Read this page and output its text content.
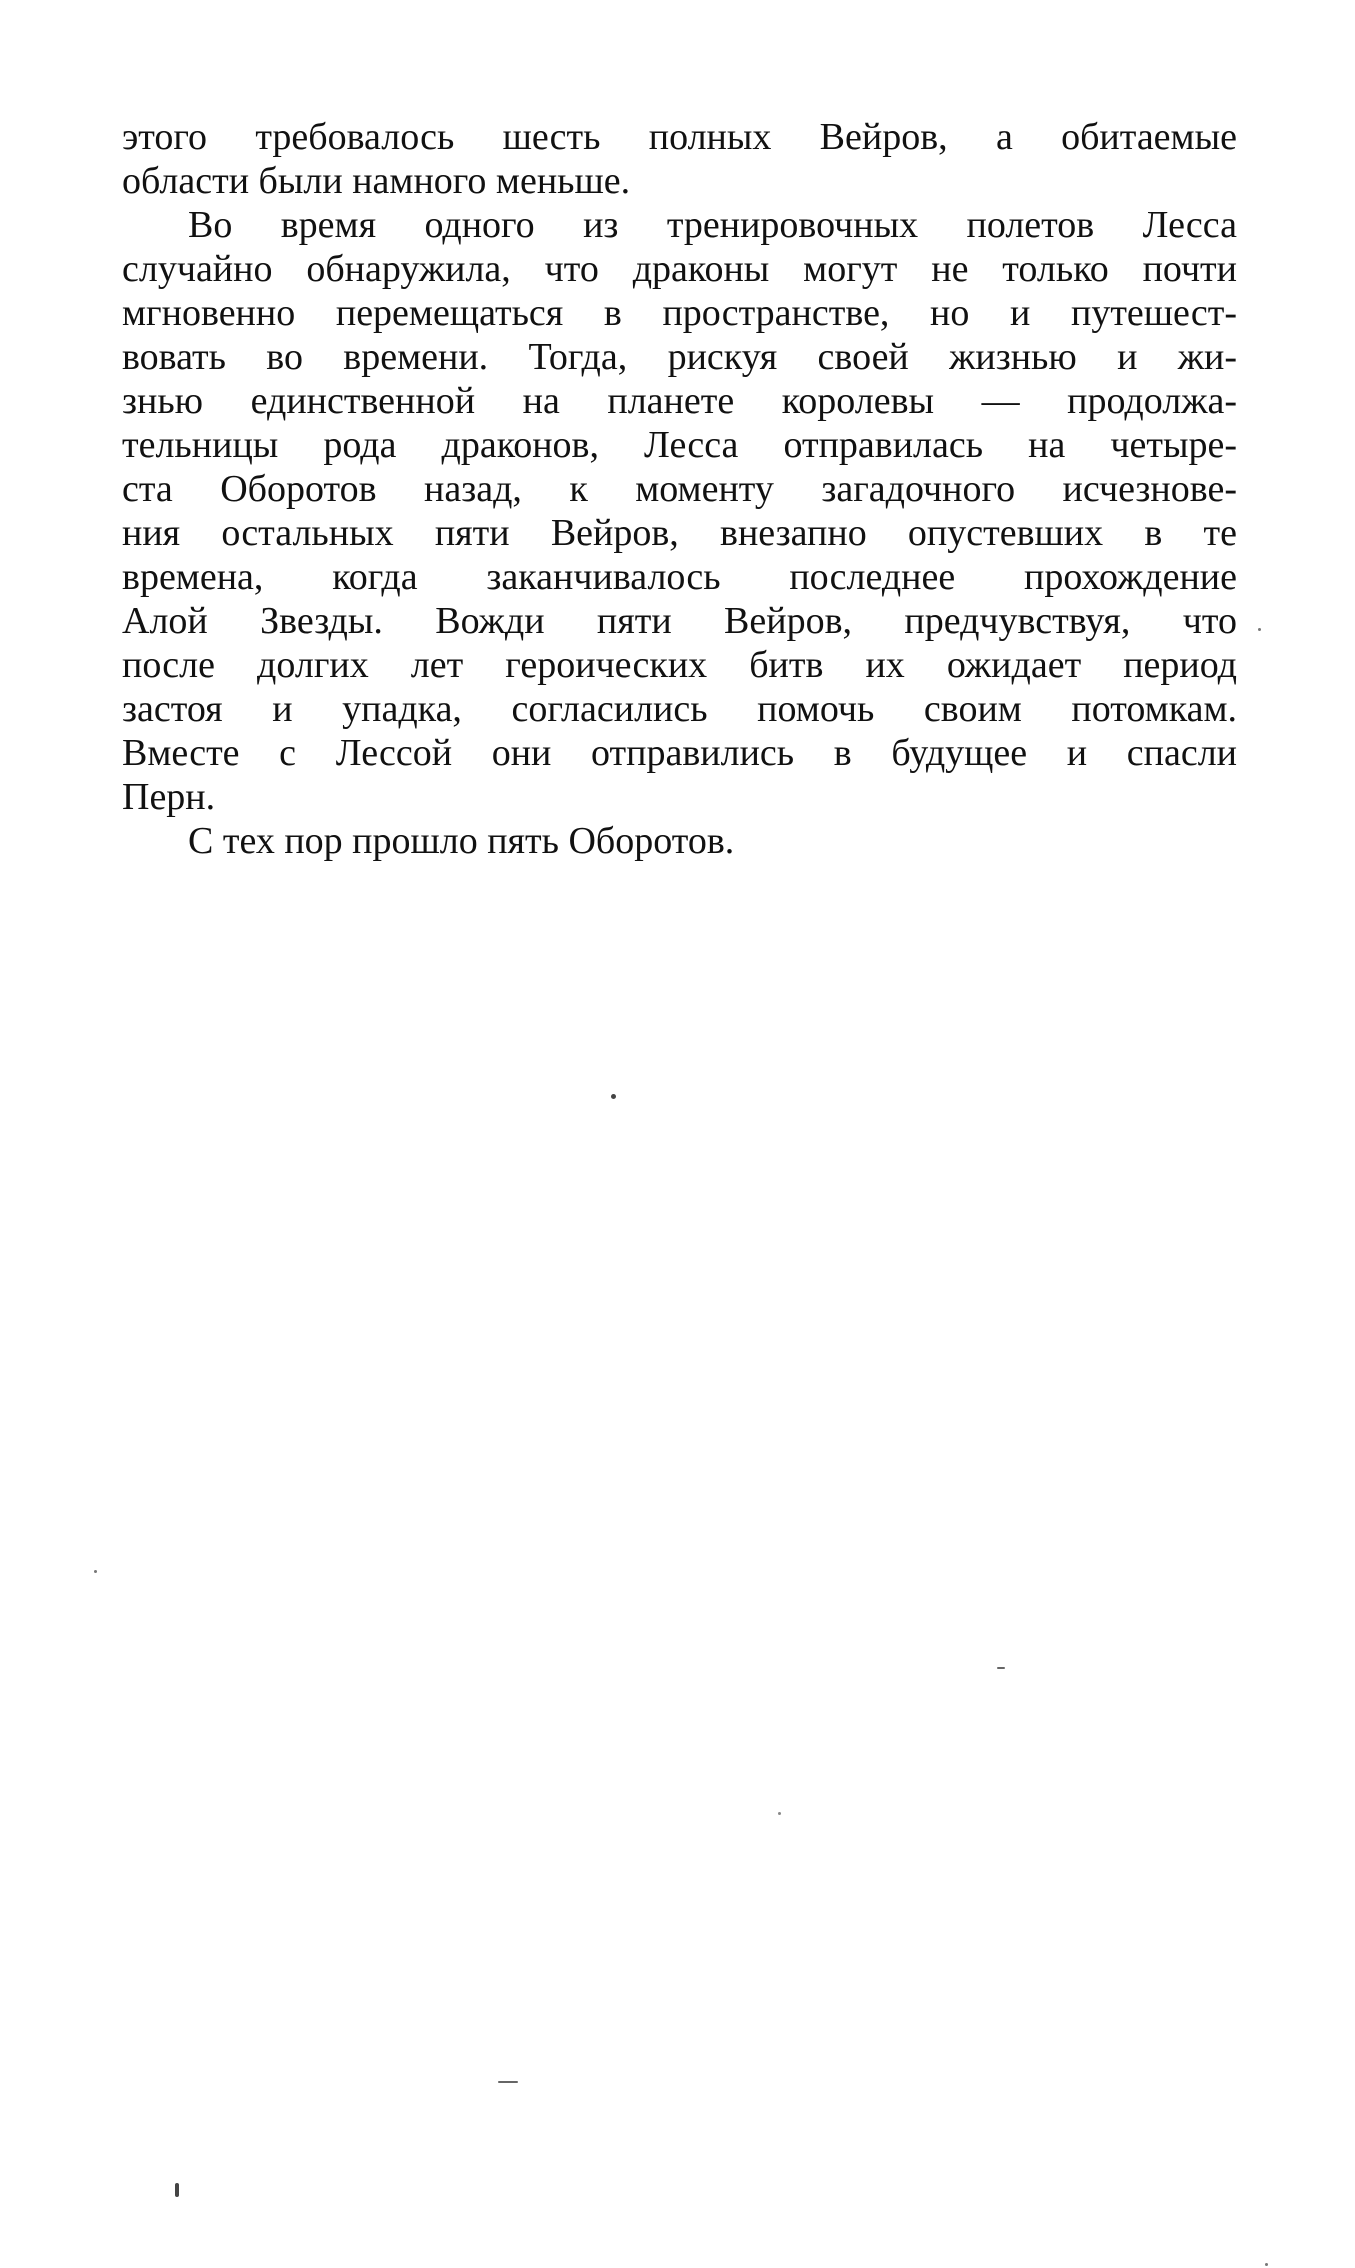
этого требовалось шесть полных Вейров, а обитаемые
области были намного меньше.
Во время одного из тренировочных полетов Лесса
случайно обнаружила, что драконы могут не только почти
мгновенно перемещаться в пространстве, но и путешест-
вовать во времени. Тогда, рискуя своей жизнью и жи-
знью единственной на планете королевы — продолжа-
тельницы рода драконов, Лесса отправилась на четыре-
ста Оборотов назад, к моменту загадочного исчезнове-
ния остальных пяти Вейров, внезапно опустевших в те
времена, когда заканчивалось последнее прохождение
Алой Звезды. Вожди пяти Вейров, предчувствуя, что
после долгих лет героических битв их ожидает период
застоя и упадка, согласились помочь своим потомкам.
Вместе с Лессой они отправились в будущее и спасли
Перн.
С тех пор прошло пять Оборотов.
